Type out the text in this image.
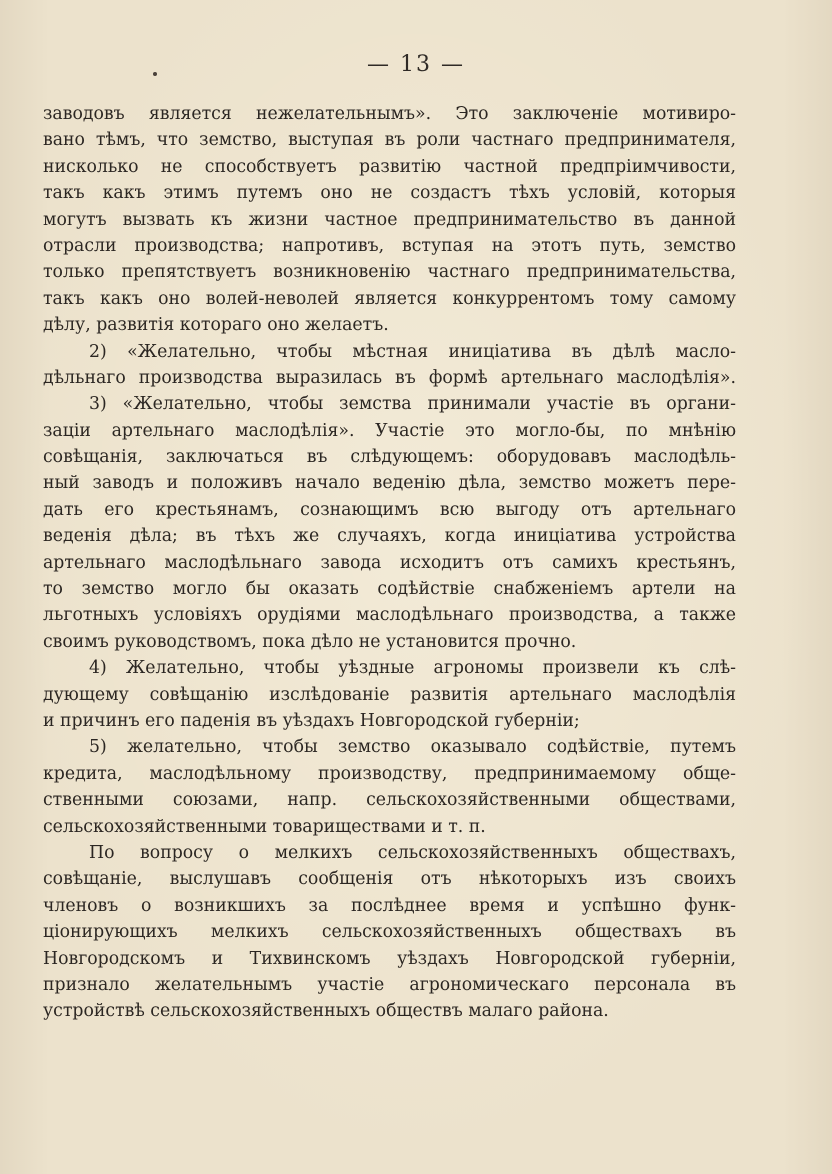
— 13 —
заводовъ является нежелательнымъ». Это заключеніе мотивиро-
вано тѣмъ, что земство, выступая въ роли частнаго предпринимателя,
нисколько не способствуетъ развитію частной предпріимчивости,
такъ какъ этимъ путемъ оно не создастъ тѣхъ условій, которыя
могутъ вызвать къ жизни частное предпринимательство въ данной
отрасли производства; напротивъ, вступая на этотъ путь, земство
только препятствуетъ возникновенію частнаго предпринимательства,
такъ какъ оно волей-неволей является конкуррентомъ тому самому
дѣлу, развитія котораго оно желаетъ.
2) «Желательно, чтобы мѣстная иниціатива въ дѣлѣ масло-
дѣльнаго производства выразилась въ формѣ артельнаго маслодѣлія».
3) «Желательно, чтобы земства принимали участіе въ органи-
заціи артельнаго маслодѣлія». Участіе это могло-бы, по мнѣнію
совѣщанія, заключаться въ слѣдующемъ: оборудовавъ маслодѣль-
ный заводъ и положивъ начало веденію дѣла, земство можетъ пере-
дать его крестьянамъ, сознающимъ всю выгоду отъ артельнаго
веденія дѣла; въ тѣхъ же случаяхъ, когда иниціатива устройства
артельнаго маслодѣльнаго завода исходитъ отъ самихъ крестьянъ,
то земство могло бы оказать содѣйствіе снабженіемъ артели на
льготныхъ условіяхъ орудіями маслодѣльнаго производства, а также
своимъ руководствомъ, пока дѣло не установится прочно.
4) Желательно, чтобы уѣздные агрономы произвели къ слѣ-
дующему совѣщанію изслѣдованіе развитія артельнаго маслодѣлія
и причинъ его паденія въ уѣздахъ Новгородской губерніи;
5) желательно, чтобы земство оказывало содѣйствіе, путемъ
кредита, маслодѣльному производству, предпринимаемому обще-
ственными союзами, напр. сельскохозяйственными обществами,
сельскохозяйственными товариществами и т. п.
По вопросу о мелкихъ сельскохозяйственныхъ обществахъ,
совѣщаніе, выслушавъ сообщенія отъ нѣкоторыхъ изъ своихъ
членовъ о возникшихъ за послѣднее время и успѣшно функ-
ціонирующихъ мелкихъ сельскохозяйственныхъ обществахъ въ
Новгородскомъ и Тихвинскомъ уѣздахъ Новгородской губерніи,
признало желательнымъ участіе агрономическаго персонала въ
устройствѣ сельскохозяйственныхъ обществъ малаго района.
